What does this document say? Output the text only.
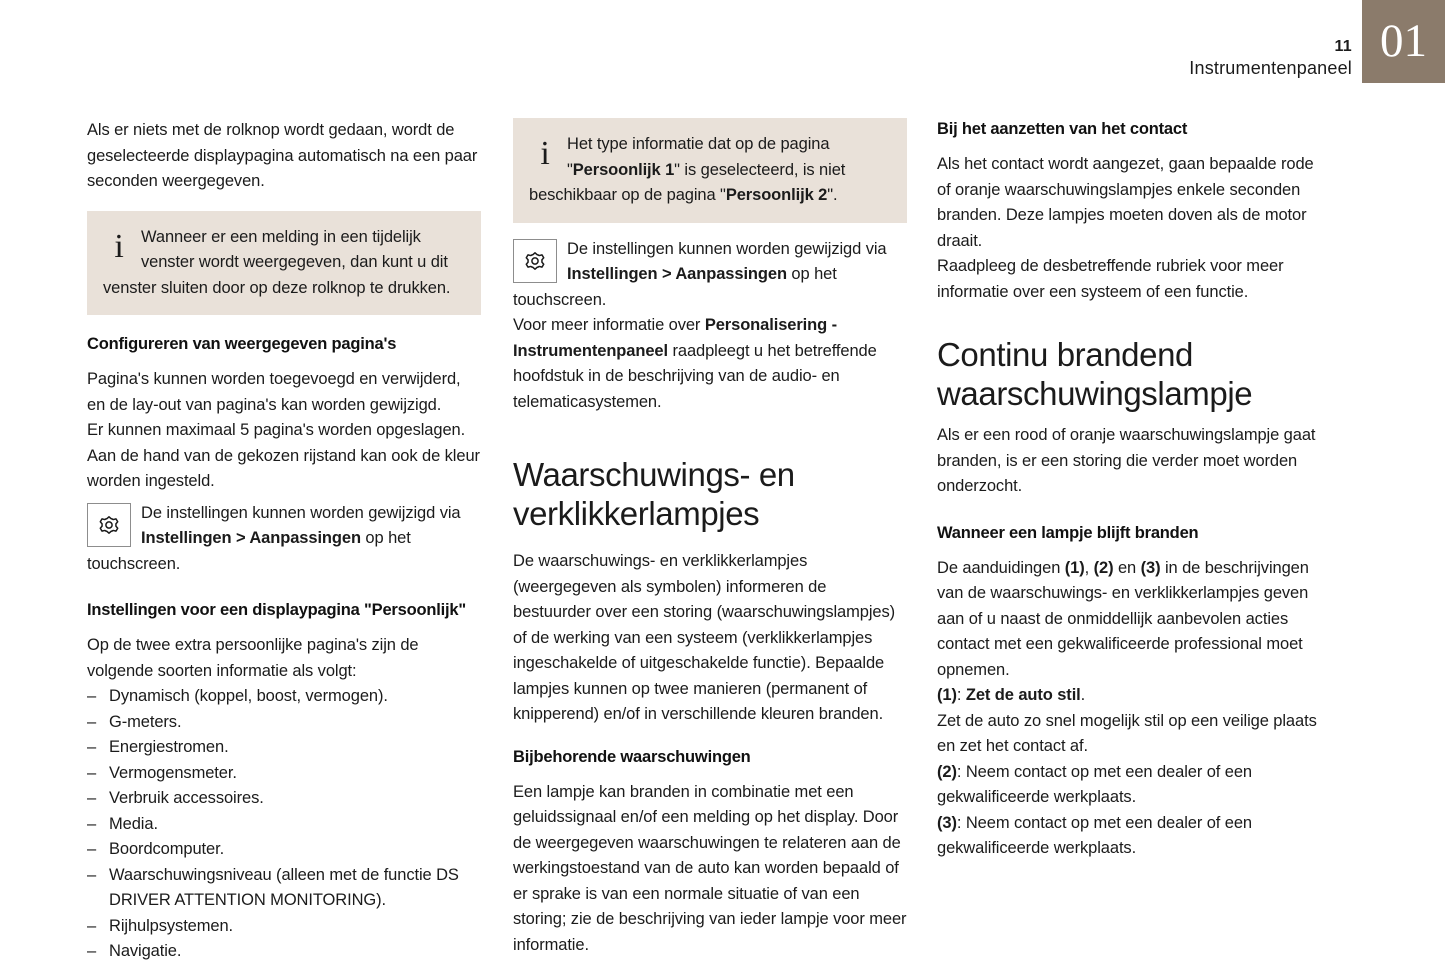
11
Instrumentenpaneel
01

Als er niets met de rolknop wordt gedaan, wordt de geselecteerde displaypagina automatisch na een paar seconden weergegeven.

i	Wanneer er een melding in een tijdelijk venster wordt weergegeven, dan kunt u dit venster sluiten door op deze rolknop te drukken.
Configureren van weergegeven pagina's

Pagina's kunnen worden toegevoegd en verwijderd, en de lay-out van pagina's kan worden gewijzigd.

Er kunnen maximaal 5 pagina's worden opgeslagen.

Aan de hand van de gekozen rijstand kan ook de kleur worden ingesteld.

De instellingen kunnen worden gewijzigd via Instellingen > Aanpassingen op het touchscreen.
Instellingen voor een displaypagina "Persoonlijk"

Op de twee extra persoonlijke pagina's zijn de volgende soorten informatie als volgt:

– Dynamisch (koppel, boost, vermogen).
– G-meters.
– Energiestromen.
– Vermogensmeter.
– Verbruik accessoires.
– Media.
– Boordcomputer.
– Waarschuwingsniveau (alleen met de functie DS DRIVER ATTENTION MONITORING).
– Rijhulpsystemen.
– Navigatie.
i	Het type informatie dat op de pagina "Persoonlijk 1" is geselecteerd, is niet beschikbaar op de pagina "Persoonlijk 2".
De instellingen kunnen worden gewijzigd via Instellingen > Aanpassingen op het touchscreen.

Voor meer informatie over Personalisering - Instrumentenpaneel raadpleegt u het betreffende hoofdstuk in de beschrijving van de audio- en telematicasystemen.

Waarschuwings- en verklikkerlampjes

De waarschuwings- en verklikkerlampjes (weergegeven als symbolen) informeren de bestuurder over een storing (waarschuwingslampjes) of de werking van een systeem (verklikkerlampjes ingeschakelde of uitgeschakelde functie). Bepaalde lampjes kunnen op twee manieren (permanent of knipperend) en/of in verschillende kleuren branden.

Bijbehorende waarschuwingen

Een lampje kan branden in combinatie met een geluidssignaal en/of een melding op het display. Door de weergegeven waarschuwingen te relateren aan de werkingstoestand van de auto kan worden bepaald of er sprake is van een normale situatie of van een storing; zie de beschrijving van ieder lampje voor meer informatie.

Bij het aanzetten van het contact

Als het contact wordt aangezet, gaan bepaalde rode of oranje waarschuwingslampjes enkele seconden branden. Deze lampjes moeten doven als de motor draait.

Raadpleeg de desbetreffende rubriek voor meer informatie over een systeem of een functie.

Continu brandend waarschuwingslampje

Als er een rood of oranje waarschuwingslampje gaat branden, is er een storing die verder moet worden onderzocht.

Wanneer een lampje blijft branden

De aanduidingen (1), (2) en (3) in de beschrijvingen van de waarschuwings- en verklikkerlampjes geven aan of u naast de onmiddellijk aanbevolen acties contact met een gekwalificeerde professional moet opnemen.

(1): Zet de auto stil.

Zet de auto zo snel mogelijk stil op een veilige plaats en zet het contact af.

(2): Neem contact op met een dealer of een gekwalificeerde werkplaats.

(3): Neem contact op met een dealer of een gekwalificeerde werkplaats.
